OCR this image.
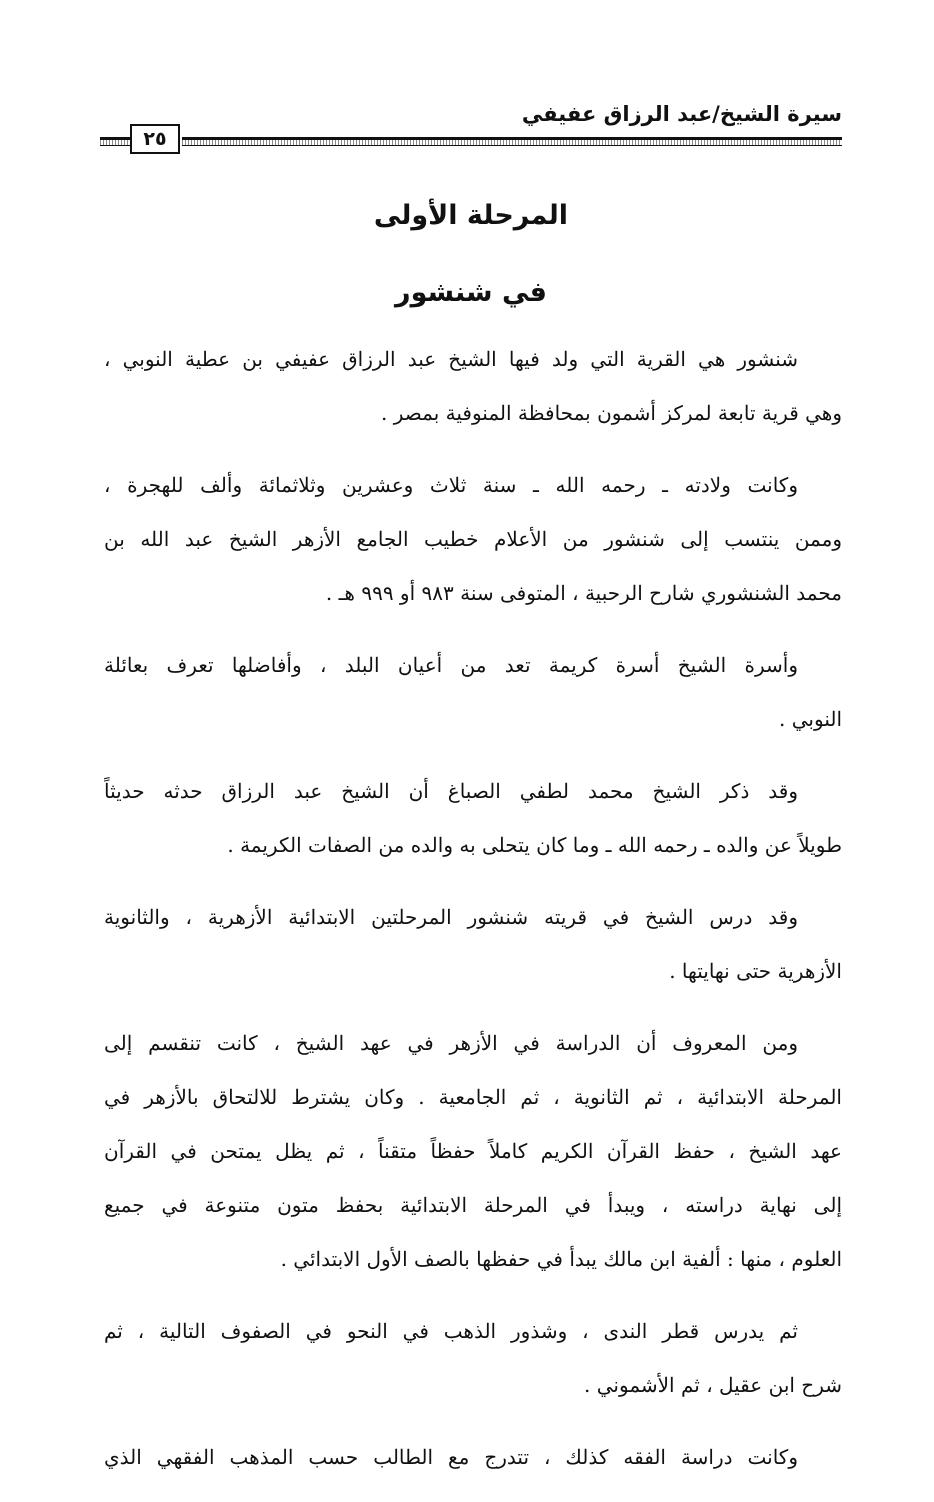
سيرة الشيخ/عبد الرزاق عفيفي
٢٥
المرحلة الأولى
في شنشور
شنشور هي القرية التي ولد فيها الشيخ عبد الرزاق عفيفي بن عطية النوبي ،
وهي قرية تابعة لمركز أشمون بمحافظة المنوفية بمصر .
وكانت ولادته ـ رحمه الله ـ سنة ثلاث وعشرين وثلاثمائة وألف للهجرة ،
وممن ينتسب إلى شنشور من الأعلام خطيب الجامع الأزهر الشيخ عبد الله بن
محمد الشنشوري شارح الرحبية ، المتوفى سنة ٩٨٣ أو ٩٩٩ هـ .
وأسرة الشيخ أسرة كريمة تعد من أعيان البلد ، وأفاضلها تعرف بعائلة
النوبي .
وقد ذكر الشيخ محمد لطفي الصباغ أن الشيخ عبد الرزاق حدثه حديثاً
طويلاً عن والده ـ رحمه الله ـ وما كان يتحلى به والده من الصفات الكريمة .
وقد درس الشيخ في قريته شنشور المرحلتين الابتدائية الأزهرية ، والثانوية
الأزهرية حتى نهايتها .
ومن المعروف أن الدراسة في الأزهر في عهد الشيخ ، كانت تنقسم إلى
المرحلة الابتدائية ، ثم الثانوية ، ثم الجامعية . وكان يشترط للالتحاق بالأزهر في
عهد الشيخ ، حفظ القرآن الكريم كاملاً حفظاً متقناً ، ثم يظل يمتحن في القرآن
إلى نهاية دراسته ، ويبدأ في المرحلة الابتدائية بحفظ متون متنوعة في جميع
العلوم ، منها : ألفية ابن مالك يبدأ في حفظها بالصف الأول الابتدائي .
ثم يدرس قطر الندى ، وشذور الذهب في النحو في الصفوف التالية ، ثم
شرح ابن عقيل ، ثم الأشموني .
وكانت دراسة الفقه كذلك ، تتدرج مع الطالب حسب المذهب الفقهي الذي
